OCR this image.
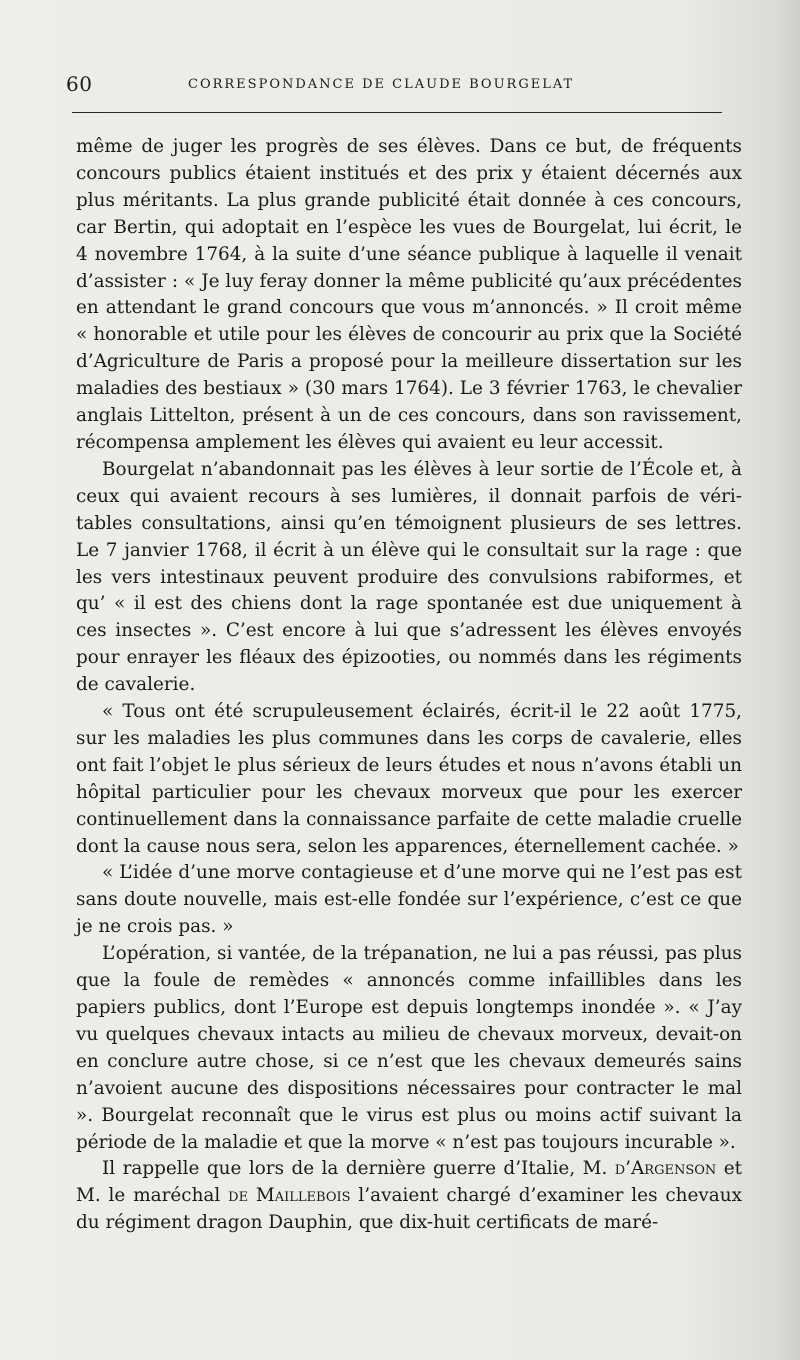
60	CORRESPONDANCE DE CLAUDE BOURGELAT

même de juger les progrès de ses élèves. Dans ce but, de fréquents concours publics étaient institués et des prix y étaient décernés aux plus méritants. La plus grande publicité était donnée à ces concours, car Bertin, qui adoptait en l’espèce les vues de Bourgelat, lui écrit, le 4 novembre 1764, à la suite d’une séance publique à laquelle il venait d’assister : « Je luy feray donner la même publicité qu’aux précédentes en attendant le grand concours que vous m’annoncés. » Il croit même « honorable et utile pour les élèves de concourir au prix que la Société d’Agriculture de Paris a proposé pour la meilleure dissertation sur les maladies des bestiaux » (30 mars 1764). Le 3 février 1763, le chevalier anglais Littelton, présent à un de ces concours, dans son ravissement, récompensa amplement les élèves qui avaient eu leur accessit.

Bourgelat n’abandonnait pas les élèves à leur sortie de l’École et, à ceux qui avaient recours à ses lumières, il donnait parfois de véritables consultations, ainsi qu’en témoignent plusieurs de ses lettres. Le 7 janvier 1768, il écrit à un élève qui le consultait sur la rage : que les vers intestinaux peuvent produire des convulsions rabiformes, et qu’ « il est des chiens dont la rage spontanée est due uniquement à ces insectes ». C’est encore à lui que s’adressent les élèves envoyés pour enrayer les fléaux des épizooties, ou nommés dans les régiments de cavalerie.

« Tous ont été scrupuleusement éclairés, écrit-il le 22 août 1775, sur les maladies les plus communes dans les corps de cavalerie, elles ont fait l’objet le plus sérieux de leurs études et nous n’avons établi un hôpital particulier pour les chevaux morveux que pour les exercer continuellement dans la connaissance parfaite de cette maladie cruelle dont la cause nous sera, selon les apparences, éternellement cachée. »

« L’idée d’une morve contagieuse et d’une morve qui ne l’est pas est sans doute nouvelle, mais est-elle fondée sur l’expérience, c’est ce que je ne crois pas. »

L’opération, si vantée, de la trépanation, ne lui a pas réussi, pas plus que la foule de remèdes « annoncés comme infaillibles dans les papiers publics, dont l’Europe est depuis longtemps inondée ». « J’ay vu quelques chevaux intacts au milieu de chevaux morveux, devait-on en conclure autre chose, si ce n’est que les chevaux demeurés sains n’avoient aucune des dispositions nécessaires pour contracter le mal ». Bourgelat reconnaît que le virus est plus ou moins actif suivant la période de la maladie et que la morve « n’est pas toujours incurable ».

Il rappelle que lors de la dernière guerre d’Italie, M. d’Argenson et M. le maréchal de Maillebois l’avaient chargé d’examiner les chevaux du régiment dragon Dauphin, que dix-huit certificats de maré-
